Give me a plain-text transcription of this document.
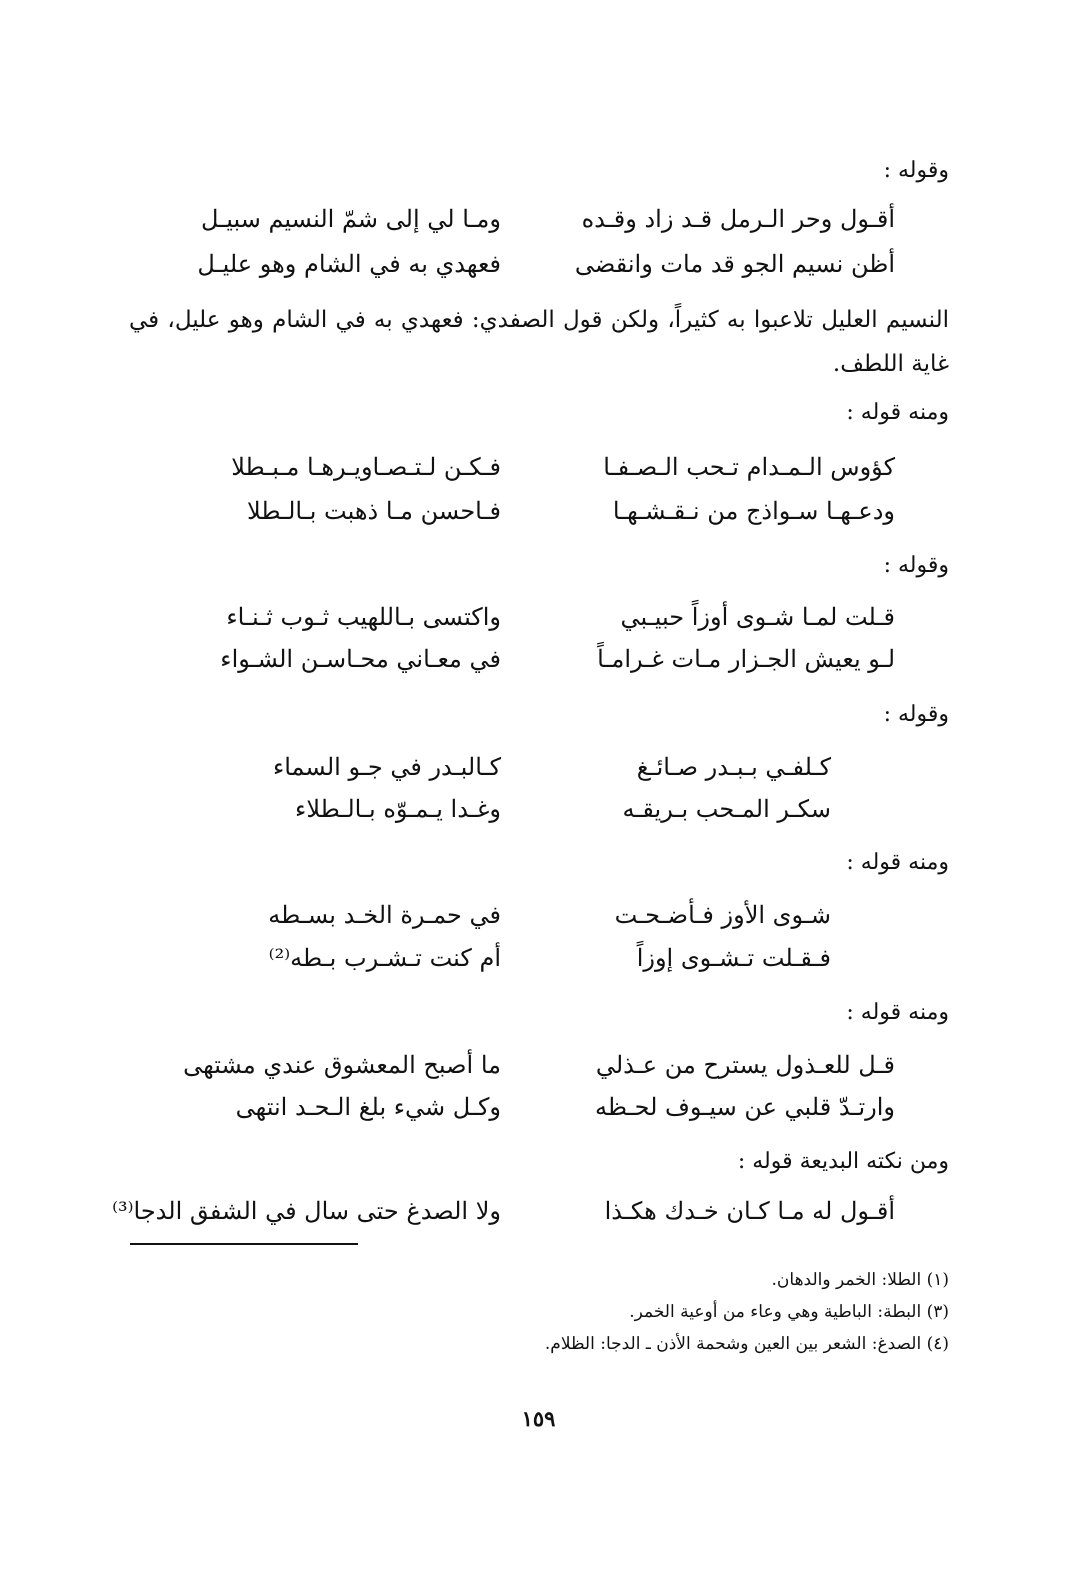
وقوله :
أقـول وحر الـرمل قـد زاد وقـده
ومـا لي إلى شمّ النسيم سبيـل
أظن نسيم الجو قد مات وانقضى
فعهدي به في الشام وهو عليـل
النسيم العليل تلاعبوا به كثيراً، ولكن قول الصفدي: فعهدي به في الشام وهو عليل، في غاية اللطف.
ومنه قوله :
كؤوس الـمـدام تـحب الـصـفـا
فـكـن لـتـصـاويـرهـا مـبـطلا
ودعـهـا سـواذج من نـقـشـهـا
فـاحسن مـا ذهبت بـالـطلا
وقوله :
قـلت لمـا شـوى أوزاً حبيـبي
واكتسى بـاللهيب ثـوب ثـنـاء
لـو يعيش الجـزار مـات غـرامـاً
في معـاني محـاسـن الشـواء
وقوله :
كـلفـي بـبـدر صـائـغ
كـالبـدر في جـو السماء
سكـر المـحب بـريقـه
وغـدا يـمـوّه بـالـطلاء
ومنه قوله :
شـوى الأوز فـأضـحـت
في حمـرة الخـد بسـطه
فـقـلت تـشـوى إوزاً
أم كنت تـشـرب بـطه⁽²⁾
ومنه قوله :
قـل للعـذول يسترح من عـذلي
ما أصبح المعشوق عندي مشتهى
وارتـدّ قلبي عن سيـوف لحـظه
وكـل شيء بلغ الـحـد انتهى
ومن نكته البديعة قوله :
أقـول له مـا كـان خـدك هكـذا
ولا الصدغ حتى سال في الشفق الدجا⁽³⁾
(١) الطلا: الخمر والدهان.
(٣) البطة: الباطية وهي وعاء من أوعية الخمر.
(٤) الصدغ: الشعر بين العين وشحمة الأذن ـ الدجا: الظلام.
١٥٩
